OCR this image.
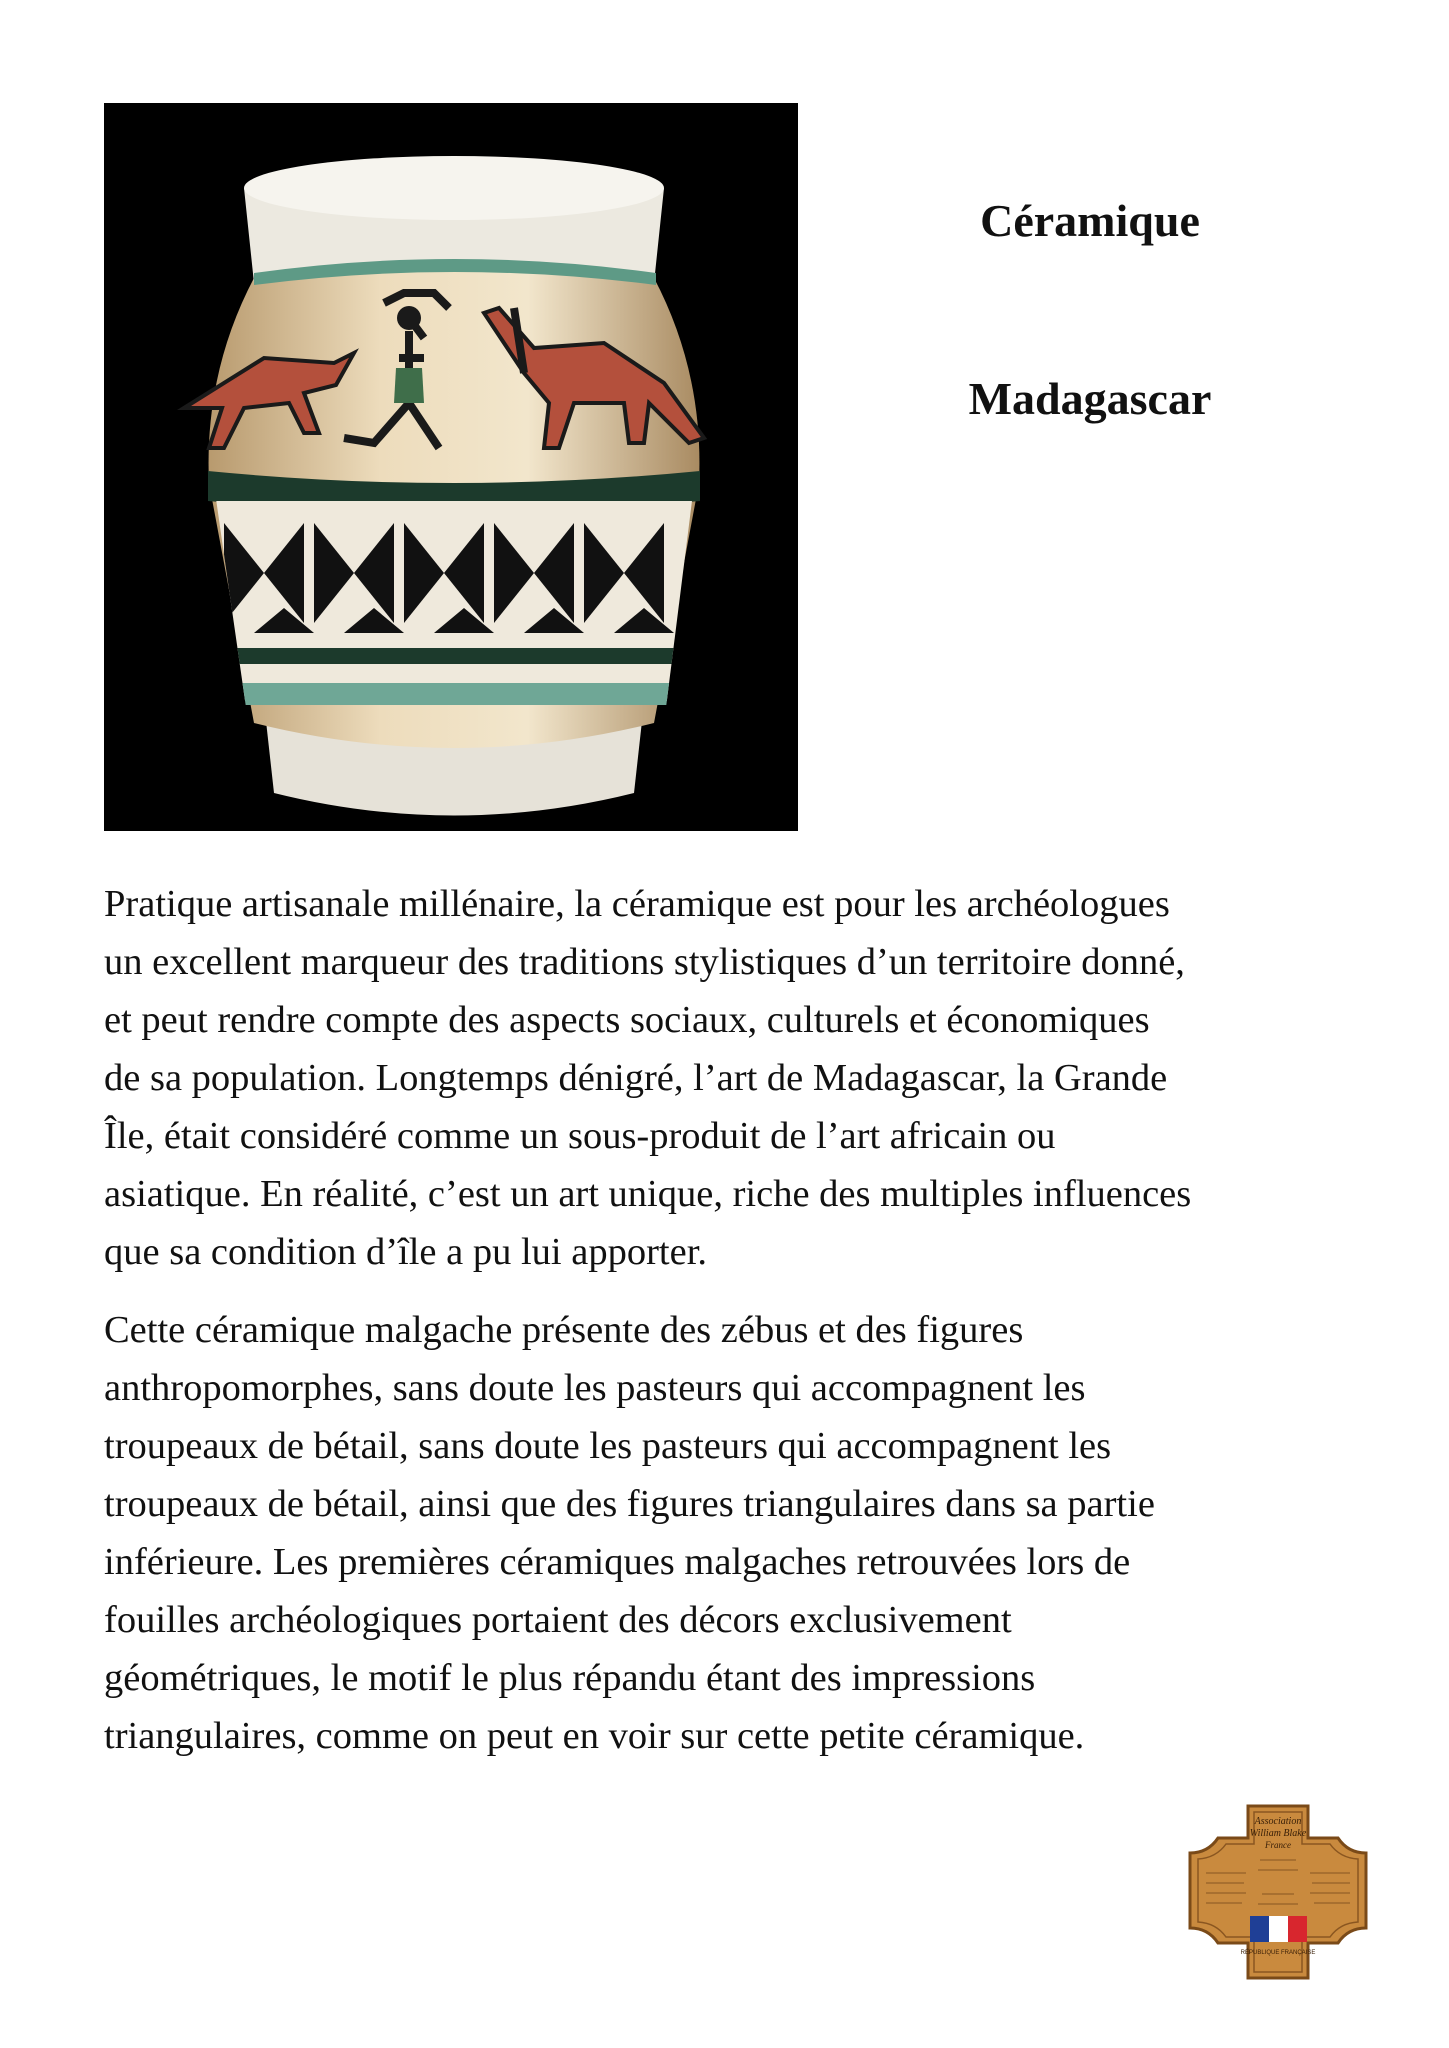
Céramique
Madagascar

Pratique artisanale millénaire, la céramique est pour les archéologues
un excellent marqueur des traditions stylistiques d’un territoire donné,
et peut rendre compte des aspects sociaux, culturels et économiques
de sa population. Longtemps dénigré, l’art de Madagascar, la Grande
Île, était considéré comme un sous-produit de l’art africain ou
asiatique. En réalité, c’est un art unique, riche des multiples influences
que sa condition d’île a pu lui apporter.

Cette céramique malgache présente des zébus et des figures
anthropomorphes, sans doute les pasteurs qui accompagnent les
troupeaux de bétail, sans doute les pasteurs qui accompagnent les
troupeaux de bétail, ainsi que des figures triangulaires dans sa partie
inférieure. Les premières céramiques malgaches retrouvées lors de
fouilles archéologiques portaient des décors exclusivement
géométriques, le motif le plus répandu étant des impressions
triangulaires, comme on peut en voir sur cette petite céramique.

Association
William Blake
France
RÉPUBLIQUE FRANÇAISE
